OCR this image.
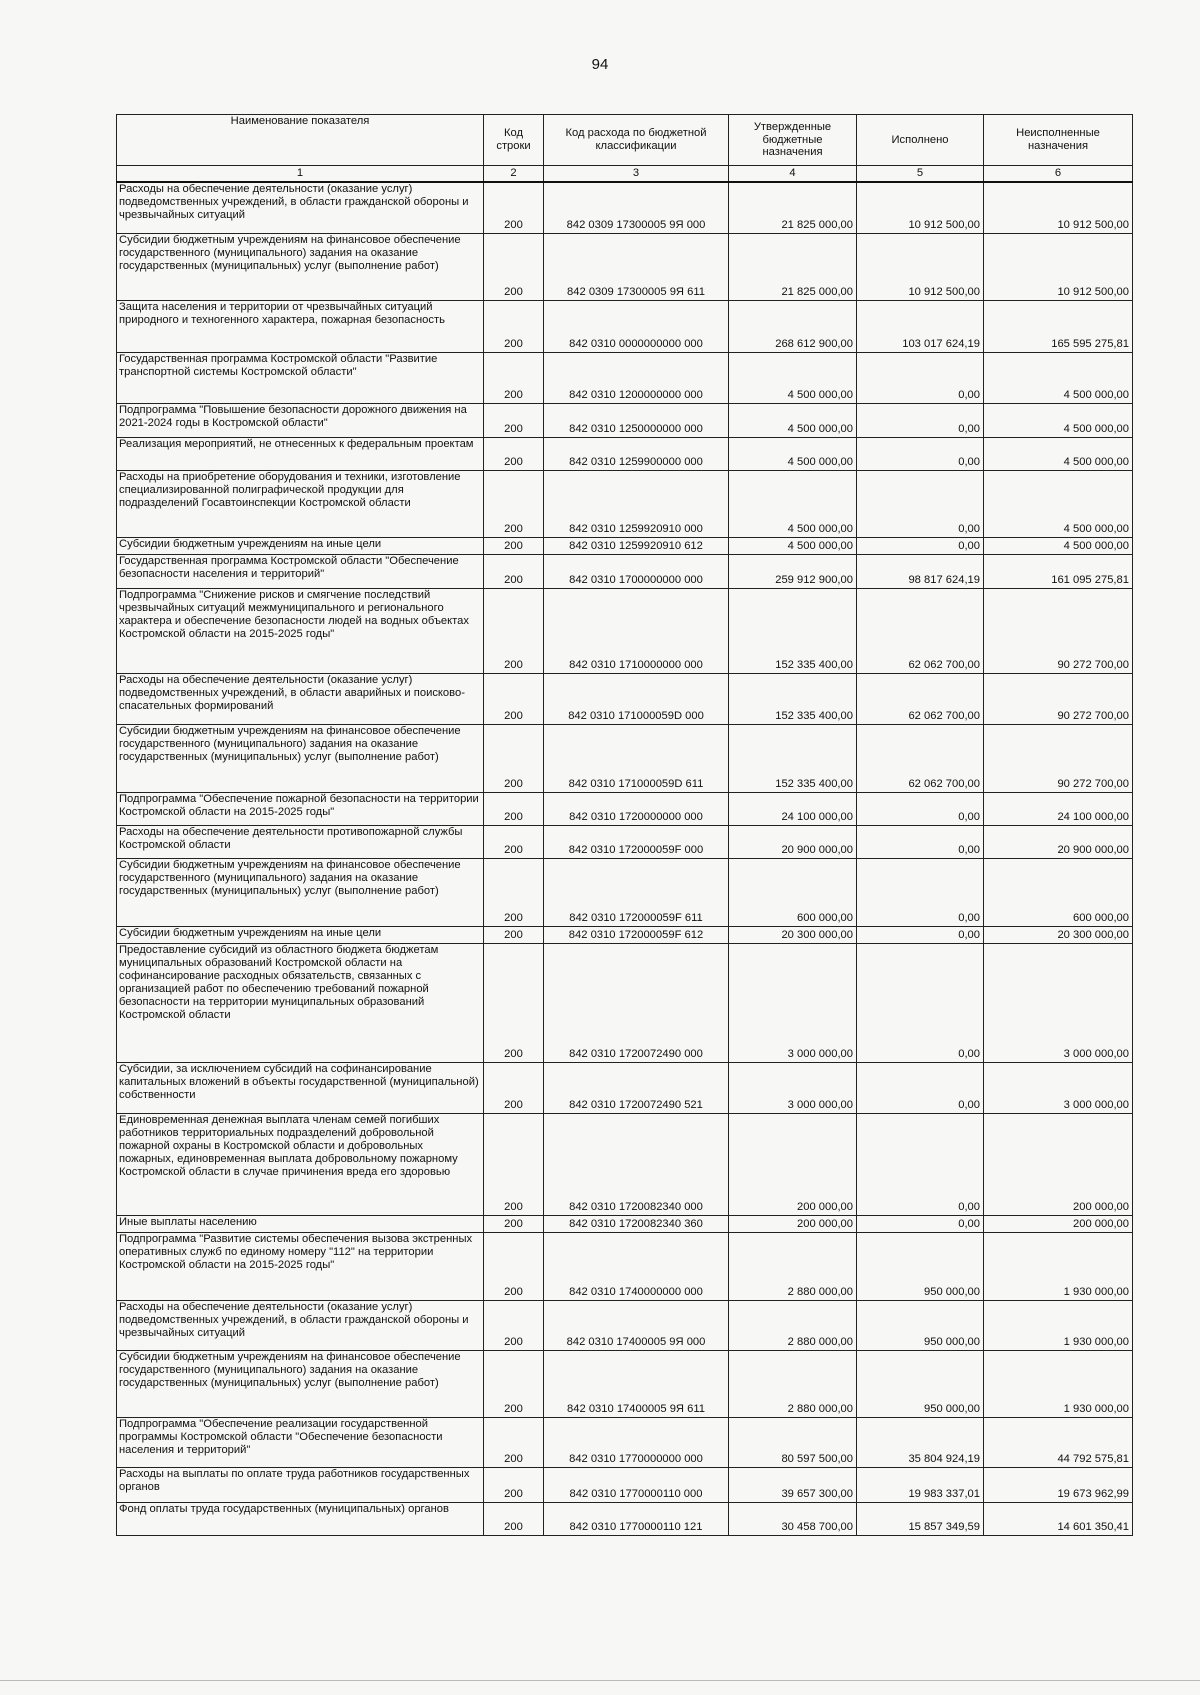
94
Наименование показателя	Код строки	Код расхода по бюджетной классификации	Утвержденные бюджетные назначения	Исполнено	Неисполненные назначения
1	2	3	4	5	6
Расходы на обеспечение деятельности (оказание услуг) подведомственных учреждений, в области гражданской обороны и чрезвычайных ситуаций	200	842 0309 17300005 9Я 000	21 825 000,00	10 912 500,00	10 912 500,00
Субсидии бюджетным учреждениям на финансовое обеспечение государственного (муниципального) задания на оказание государственных (муниципальных) услуг (выполнение работ)	200	842 0309 17300005 9Я 611	21 825 000,00	10 912 500,00	10 912 500,00
Защита населения и территории от чрезвычайных ситуаций природного и техногенного характера, пожарная безопасность	200	842 0310 0000000000 000	268 612 900,00	103 017 624,19	165 595 275,81
Государственная программа Костромской области "Развитие транспортной системы Костромской области"	200	842 0310 1200000000 000	4 500 000,00	0,00	4 500 000,00
Подпрограмма "Повышение безопасности дорожного движения на 2021-2024 годы в Костромской области"	200	842 0310 1250000000 000	4 500 000,00	0,00	4 500 000,00
Реализация мероприятий, не отнесенных к федеральным проектам	200	842 0310 1259900000 000	4 500 000,00	0,00	4 500 000,00
Расходы на приобретение оборудования и техники, изготовление специализированной полиграфической продукции для подразделений Госавтоинспекции Костромской области	200	842 0310 1259920910 000	4 500 000,00	0,00	4 500 000,00
Субсидии бюджетным учреждениям на иные цели	200	842 0310 1259920910 612	4 500 000,00	0,00	4 500 000,00
Государственная программа Костромской области "Обеспечение безопасности населения и территорий"	200	842 0310 1700000000 000	259 912 900,00	98 817 624,19	161 095 275,81
Подпрограмма "Снижение рисков и смягчение последствий чрезвычайных ситуаций межмуниципального и регионального характера и обеспечение безопасности людей на водных объектах Костромской области на 2015-2025 годы"	200	842 0310 1710000000 000	152 335 400,00	62 062 700,00	90 272 700,00
Расходы на обеспечение деятельности (оказание услуг) подведомственных учреждений, в области аварийных и поисково-спасательных формирований	200	842 0310 171000059D 000	152 335 400,00	62 062 700,00	90 272 700,00
Субсидии бюджетным учреждениям на финансовое обеспечение государственного (муниципального) задания на оказание государственных (муниципальных) услуг (выполнение работ)	200	842 0310 171000059D 611	152 335 400,00	62 062 700,00	90 272 700,00
Подпрограмма "Обеспечение пожарной безопасности на территории Костромской области на 2015-2025 годы"	200	842 0310 1720000000 000	24 100 000,00	0,00	24 100 000,00
Расходы на обеспечение деятельности противопожарной службы Костромской области	200	842 0310 172000059F 000	20 900 000,00	0,00	20 900 000,00
Субсидии бюджетным учреждениям на финансовое обеспечение государственного (муниципального) задания на оказание государственных (муниципальных) услуг (выполнение работ)	200	842 0310 172000059F 611	600 000,00	0,00	600 000,00
Субсидии бюджетным учреждениям на иные цели	200	842 0310 172000059F 612	20 300 000,00	0,00	20 300 000,00
Предоставление субсидий из областного бюджета бюджетам муниципальных образований Костромской области на софинансирование расходных обязательств, связанных с организацией работ по обеспечению требований пожарной безопасности на территории муниципальных образований Костромской области	200	842 0310 1720072490 000	3 000 000,00	0,00	3 000 000,00
Субсидии, за исключением субсидий на софинансирование капитальных вложений в объекты государственной (муниципальной) собственности	200	842 0310 1720072490 521	3 000 000,00	0,00	3 000 000,00
Единовременная денежная выплата членам семей погибших работников территориальных подразделений добровольной пожарной охраны в Костромской области и добровольных пожарных, единовременная выплата добровольному пожарному Костромской области в случае причинения вреда его здоровью	200	842 0310 1720082340 000	200 000,00	0,00	200 000,00
Иные выплаты населению	200	842 0310 1720082340 360	200 000,00	0,00	200 000,00
Подпрограмма "Развитие системы обеспечения вызова экстренных оперативных служб по единому номеру "112" на территории Костромской области на 2015-2025 годы"	200	842 0310 1740000000 000	2 880 000,00	950 000,00	1 930 000,00
Расходы на обеспечение деятельности (оказание услуг) подведомственных учреждений, в области гражданской обороны и чрезвычайных ситуаций	200	842 0310 17400005 9Я 000	2 880 000,00	950 000,00	1 930 000,00
Субсидии бюджетным учреждениям на финансовое обеспечение государственного (муниципального) задания на оказание государственных (муниципальных) услуг (выполнение работ)	200	842 0310 17400005 9Я 611	2 880 000,00	950 000,00	1 930 000,00
Подпрограмма "Обеспечение реализации государственной программы Костромской области "Обеспечение безопасности населения и территорий"	200	842 0310 1770000000 000	80 597 500,00	35 804 924,19	44 792 575,81
Расходы на выплаты по оплате труда работников государственных органов	200	842 0310 1770000110 000	39 657 300,00	19 983 337,01	19 673 962,99
Фонд оплаты труда государственных (муниципальных) органов	200	842 0310 1770000110 121	30 458 700,00	15 857 349,59	14 601 350,41
